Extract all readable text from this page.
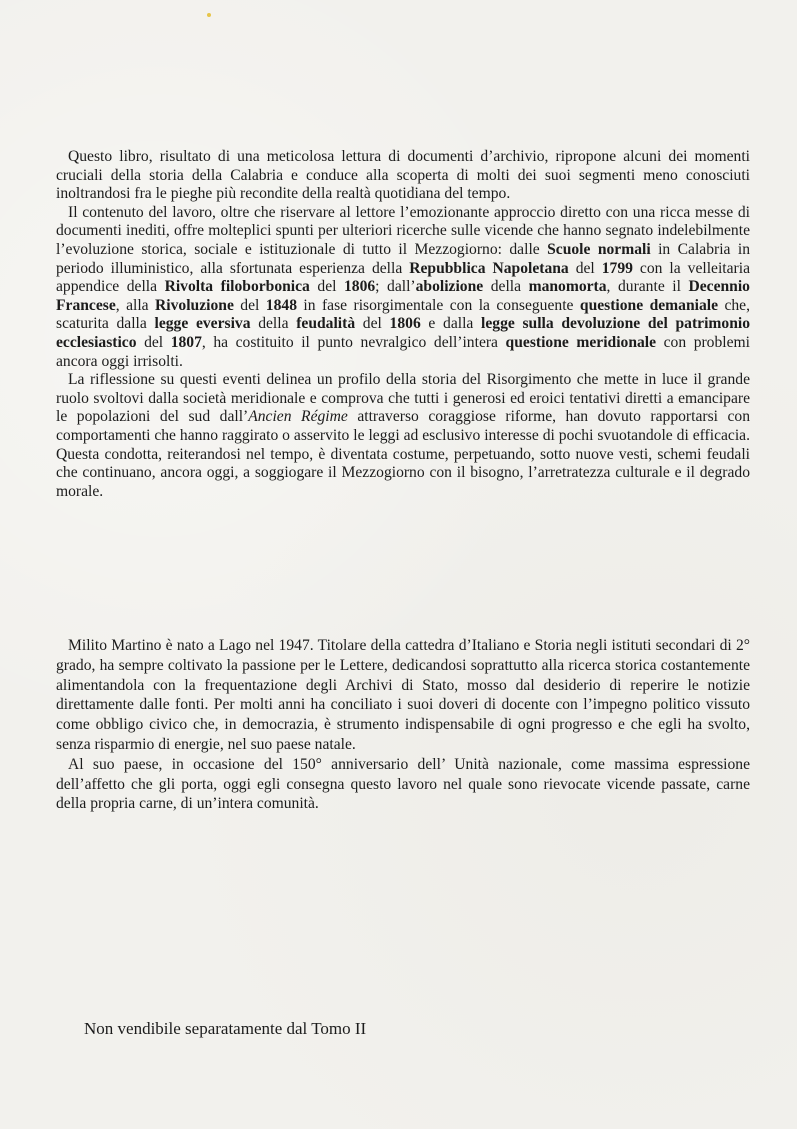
Questo libro, risultato di una meticolosa lettura di documenti d’archivio, ripropone alcuni dei momenti cruciali della storia della Calabria e conduce alla scoperta di molti dei suoi segmenti meno conosciuti inoltrandosi fra le pieghe più recondite della realtà quotidiana del tempo.

Il contenuto del lavoro, oltre che riservare al lettore l’emozionante approccio diretto con una ricca messe di documenti inediti, offre molteplici spunti per ulteriori ricerche sulle vicende che hanno segnato indelebilmente l’evoluzione storica, sociale e istituzionale di tutto il Mezzogiorno: dalle Scuole normali in Calabria in periodo illuministico, alla sfortunata esperienza della Repubblica Napoletana del 1799 con la velleitaria appendice della Rivolta filoborbonica del 1806; dall’abolizione della manomorta, durante il Decennio Francese, alla Rivoluzione del 1848 in fase risorgimentale con la conseguente questione demaniale che, scaturita dalla legge eversiva della feudalità del 1806 e dalla legge sulla devoluzione del patrimonio ecclesiastico del 1807, ha costituito il punto nevralgico dell’intera questione meridionale con problemi ancora oggi irrisolti.

La riflessione su questi eventi delinea un profilo della storia del Risorgimento che mette in luce il grande ruolo svoltovi dalla società meridionale e comprova che tutti i generosi ed eroici tentativi diretti a emancipare le popolazioni del sud dall’Ancien Régime attraverso coraggiose riforme, han dovuto rapportarsi con comportamenti che hanno raggirato o asservito le leggi ad esclusivo interesse di pochi svuotandole di efficacia. Questa condotta, reiterandosi nel tempo, è diventata costume, perpetuando, sotto nuove vesti, schemi feudali che continuano, ancora oggi, a soggiogare il Mezzogiorno con il bisogno, l’arretratezza culturale e il degrado morale.

Milito Martino è nato a Lago nel 1947. Titolare della cattedra d’Italiano e Storia negli istituti secondari di 2° grado, ha sempre coltivato la passione per le Lettere, dedicandosi soprattutto alla ricerca storica costantemente alimentandola con la frequentazione degli Archivi di Stato, mosso dal desiderio di reperire le notizie direttamente dalle fonti. Per molti anni ha conciliato i suoi doveri di docente con l’impegno politico vissuto come obbligo civico che, in democrazia, è strumento indispensabile di ogni progresso e che egli ha svolto, senza risparmio di energie, nel suo paese natale.

Al suo paese, in occasione del 150° anniversario dell’ Unità nazionale, come massima espressione dell’affetto che gli porta, oggi egli consegna questo lavoro nel quale sono rievocate vicende passate, carne della propria carne, di un’intera comunità.

Non vendibile separatamente dal Tomo II
